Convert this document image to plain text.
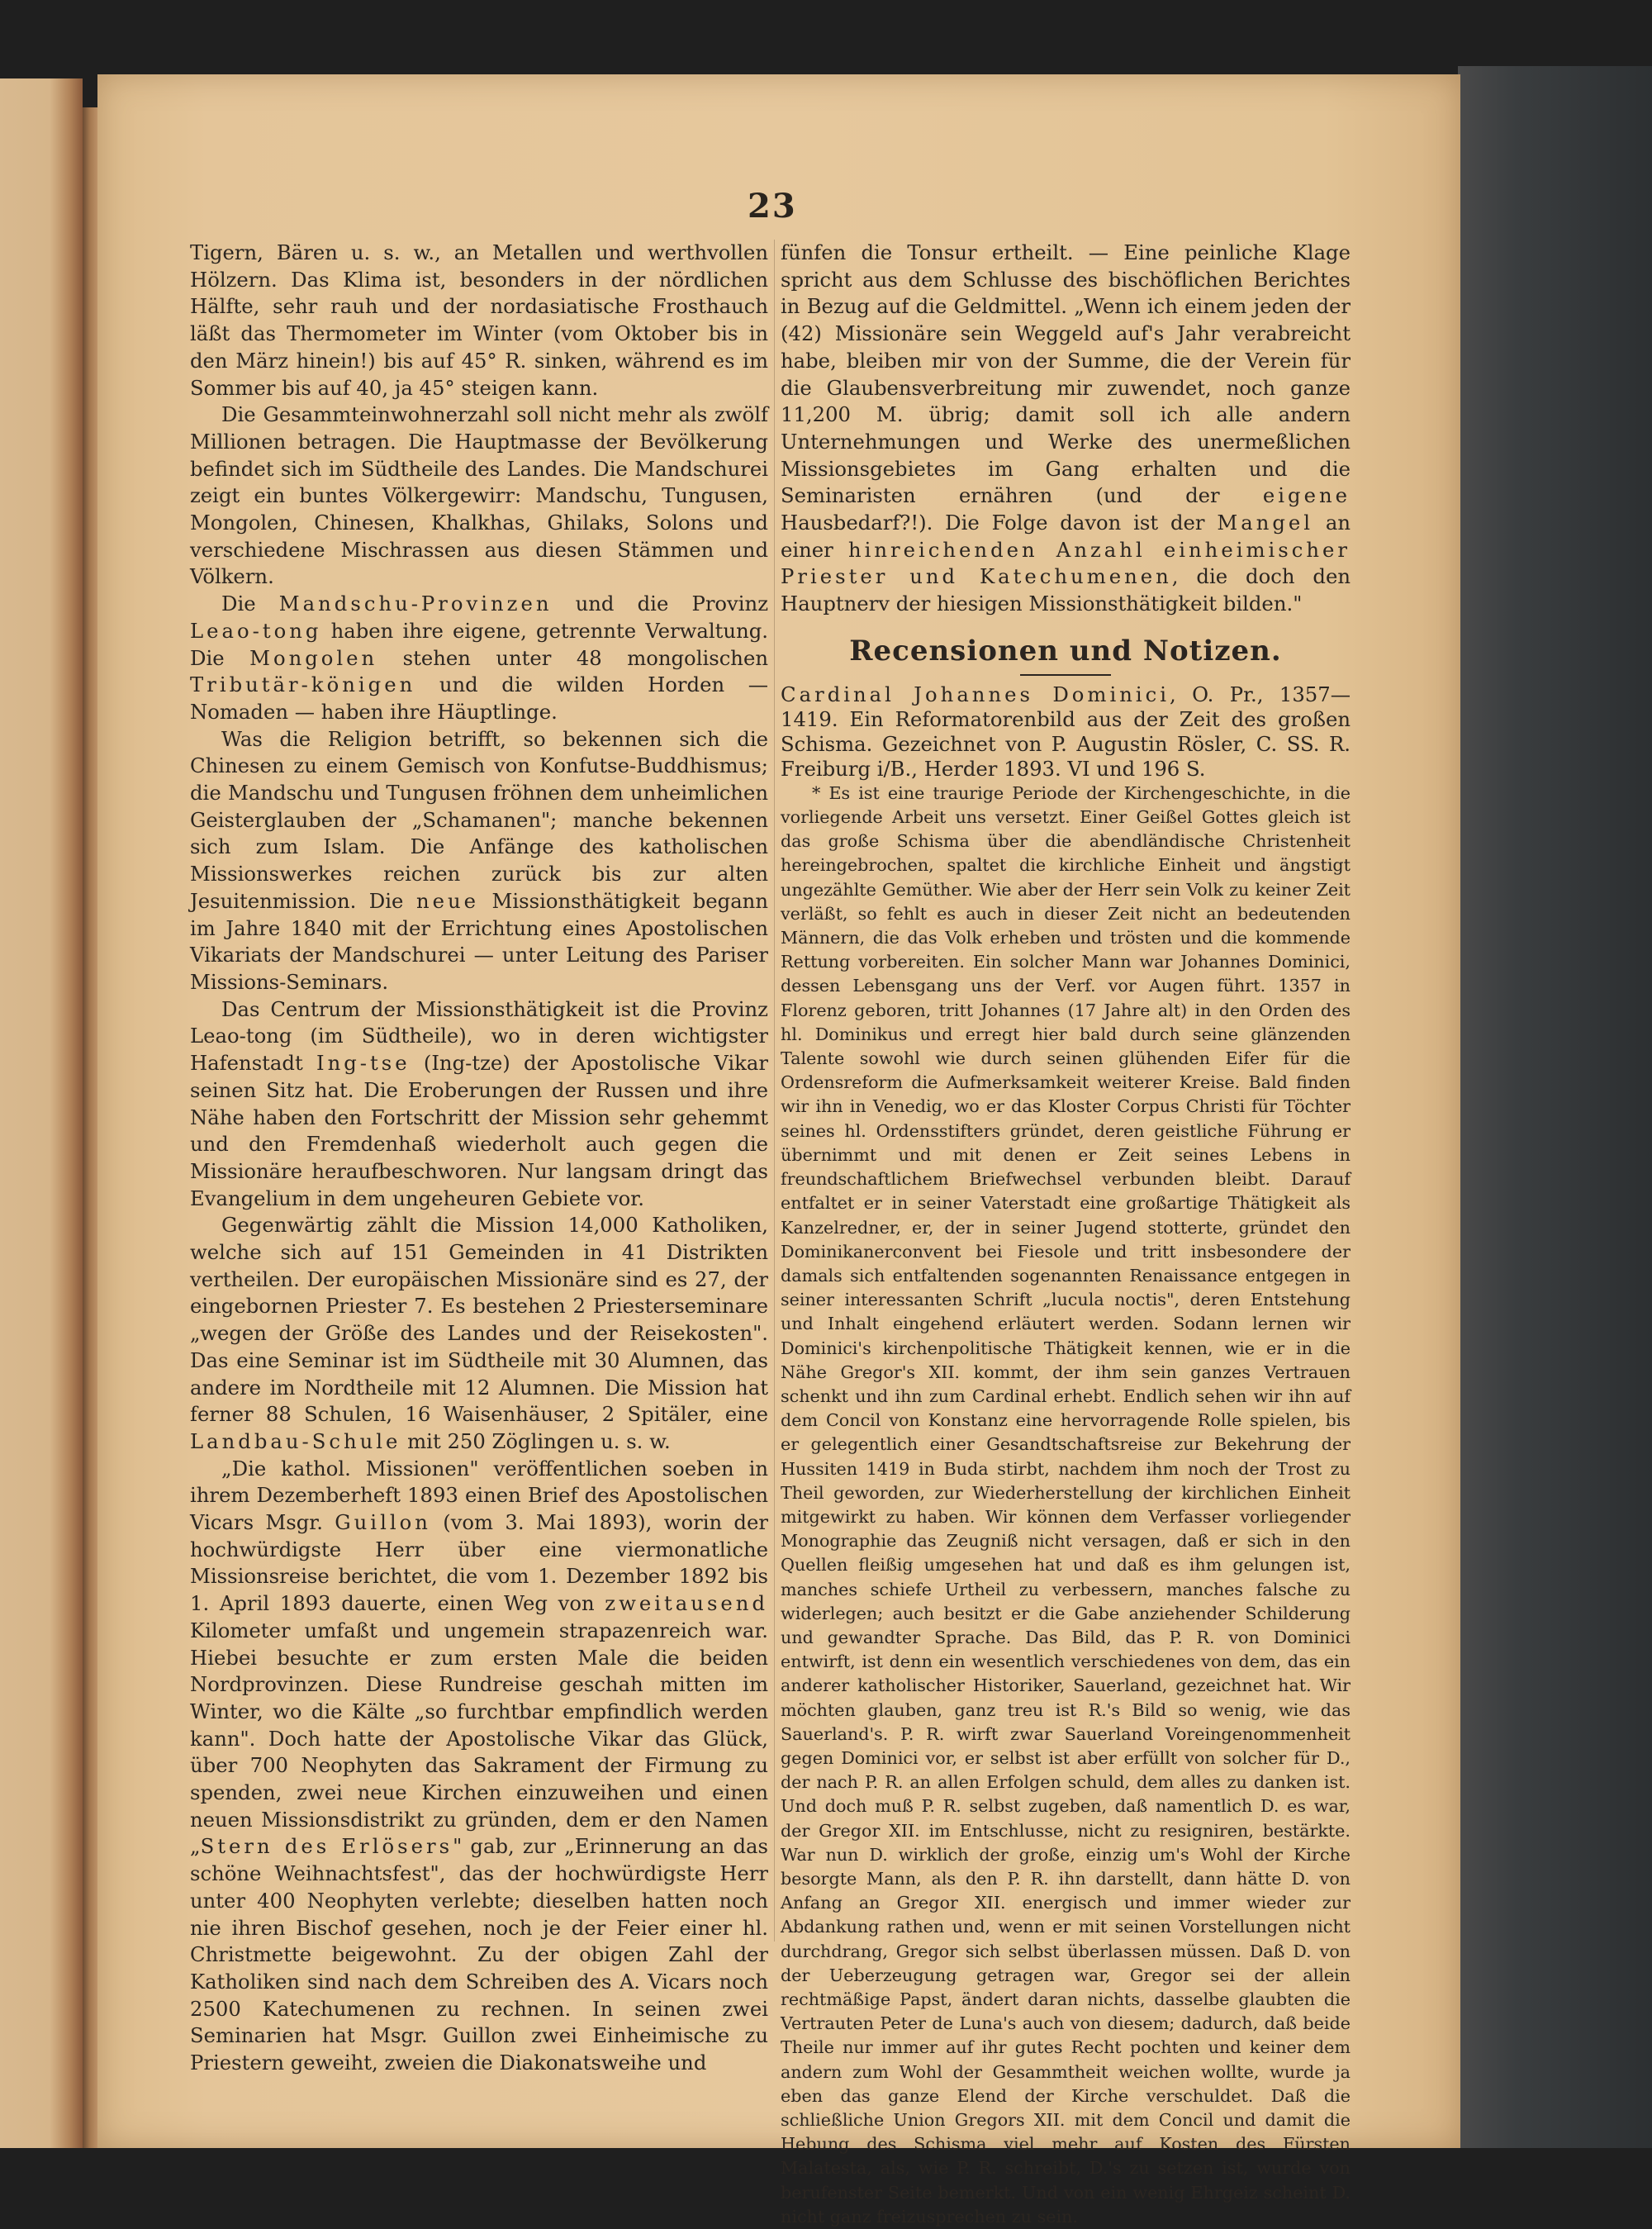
23

Tigern, Bären u. s. w., an Metallen und werthvollen Hölzern. Das Klima ist, besonders in der nördlichen Hälfte, sehr rauh und der nordasiatische Frosthauch läßt das Thermometer im Winter (vom Oktober bis in den März hinein!) bis auf 45° R. sinken, während es im Sommer bis auf 40, ja 45° steigen kann.

Die Gesammteinwohnerzahl soll nicht mehr als zwölf Millionen betragen. Die Hauptmasse der Bevölkerung befindet sich im Südtheile des Landes. Die Mandschurei zeigt ein buntes Völkergewirr: Mandschu, Tungusen, Mongolen, Chinesen, Khalkhas, Ghilaks, Solons und verschiedene Mischrassen aus diesen Stämmen und Völkern.

Die Mandschu-Provinzen und die Provinz Leao-tong haben ihre eigene, getrennte Verwaltung. Die Mongolen stehen unter 48 mongolischen Tributär-königen und die wilden Horden — Nomaden — haben ihre Häuptlinge.

Was die Religion betrifft, so bekennen sich die Chinesen zu einem Gemisch von Konfutse-Buddhismus; die Mandschu und Tungusen fröhnen dem unheimlichen Geisterglauben der „Schamanen"; manche bekennen sich zum Islam. Die Anfänge des katholischen Missionswerkes reichen zurück bis zur alten Jesuitenmission. Die neue Missionsthätigkeit begann im Jahre 1840 mit der Errichtung eines Apostolischen Vikariats der Mandschurei — unter Leitung des Pariser Missions-Seminars.

Das Centrum der Missionsthätigkeit ist die Provinz Leao-tong (im Südtheile), wo in deren wichtigster Hafenstadt Ing-tse (Ing-tze) der Apostolische Vikar seinen Sitz hat. Die Eroberungen der Russen und ihre Nähe haben den Fortschritt der Mission sehr gehemmt und den Fremdenhaß wiederholt auch gegen die Missionäre heraufbeschworen. Nur langsam dringt das Evangelium in dem ungeheuren Gebiete vor.

Gegenwärtig zählt die Mission 14,000 Katholiken, welche sich auf 151 Gemeinden in 41 Distrikten vertheilen. Der europäischen Missionäre sind es 27, der eingebornen Priester 7. Es bestehen 2 Priesterseminare „wegen der Größe des Landes und der Reisekosten". Das eine Seminar ist im Südtheile mit 30 Alumnen, das andere im Nordtheile mit 12 Alumnen. Die Mission hat ferner 88 Schulen, 16 Waisenhäuser, 2 Spitäler, eine Landbau-Schule mit 250 Zöglingen u. s. w.

„Die kathol. Missionen" veröffentlichen soeben in ihrem Dezemberheft 1893 einen Brief des Apostolischen Vicars Msgr. Guillon (vom 3. Mai 1893), worin der hochwürdigste Herr über eine viermonatliche Missionsreise berichtet, die vom 1. Dezember 1892 bis 1. April 1893 dauerte, einen Weg von zweitausend Kilometer umfaßt und ungemein strapazenreich war. Hiebei besuchte er zum ersten Male die beiden Nordprovinzen. Diese Rundreise geschah mitten im Winter, wo die Kälte „so furchtbar empfindlich werden kann". Doch hatte der Apostolische Vikar das Glück, über 700 Neophyten das Sakrament der Firmung zu spenden, zwei neue Kirchen einzuweihen und einen neuen Missionsdistrikt zu gründen, dem er den Namen „Stern des Erlösers" gab, zur „Erinnerung an das schöne Weihnachtsfest", das der hochwürdigste Herr unter 400 Neophyten verlebte; dieselben hatten noch nie ihren Bischof gesehen, noch je der Feier einer hl. Christmette beigewohnt. Zu der obigen Zahl der Katholiken sind nach dem Schreiben des A. Vicars noch 2500 Katechumenen zu rechnen. In seinen zwei Seminarien hat Msgr. Guillon zwei Einheimische zu Priestern geweiht, zweien die Diakonatsweihe und

fünfen die Tonsur ertheilt. — Eine peinliche Klage spricht aus dem Schlusse des bischöflichen Berichtes in Bezug auf die Geldmittel. „Wenn ich einem jeden der (42) Missionäre sein Weggeld auf's Jahr verabreicht habe, bleiben mir von der Summe, die der Verein für die Glaubensverbreitung mir zuwendet, noch ganze 11,200 M. übrig; damit soll ich alle andern Unternehmungen und Werke des unermeßlichen Missionsgebietes im Gang erhalten und die Seminaristen ernähren (und der eigene Hausbedarf?!). Die Folge davon ist der Mangel an einer hinreichenden Anzahl einheimischer Priester und Katechumenen, die doch den Hauptnerv der hiesigen Missionsthätigkeit bilden."

Recensionen und Notizen.

Cardinal Johannes Dominici, O. Pr., 1357—1419. Ein Reformatorenbild aus der Zeit des großen Schisma. Gezeichnet von P. Augustin Rösler, C. SS. R. Freiburg i/B., Herder 1893. VI und 196 S.

* Es ist eine traurige Periode der Kirchengeschichte, in die vorliegende Arbeit uns versetzt. Einer Geißel Gottes gleich ist das große Schisma über die abendländische Christenheit hereingebrochen, spaltet die kirchliche Einheit und ängstigt ungezählte Gemüther. Wie aber der Herr sein Volk zu keiner Zeit verläßt, so fehlt es auch in dieser Zeit nicht an bedeutenden Männern, die das Volk erheben und trösten und die kommende Rettung vorbereiten. Ein solcher Mann war Johannes Dominici, dessen Lebensgang uns der Verf. vor Augen führt. 1357 in Florenz geboren, tritt Johannes (17 Jahre alt) in den Orden des hl. Dominikus und erregt hier bald durch seine glänzenden Talente sowohl wie durch seinen glühenden Eifer für die Ordensreform die Aufmerksamkeit weiterer Kreise. Bald finden wir ihn in Venedig, wo er das Kloster Corpus Christi für Töchter seines hl. Ordensstifters gründet, deren geistliche Führung er übernimmt und mit denen er Zeit seines Lebens in freundschaftlichem Briefwechsel verbunden bleibt. Darauf entfaltet er in seiner Vaterstadt eine großartige Thätigkeit als Kanzelredner, er, der in seiner Jugend stotterte, gründet den Dominikanerconvent bei Fiesole und tritt insbesondere der damals sich entfaltenden sogenannten Renaissance entgegen in seiner interessanten Schrift „lucula noctis", deren Entstehung und Inhalt eingehend erläutert werden. Sodann lernen wir Dominici's kirchenpolitische Thätigkeit kennen, wie er in die Nähe Gregor's XII. kommt, der ihm sein ganzes Vertrauen schenkt und ihn zum Cardinal erhebt. Endlich sehen wir ihn auf dem Concil von Konstanz eine hervorragende Rolle spielen, bis er gelegentlich einer Gesandtschaftsreise zur Bekehrung der Hussiten 1419 in Buda stirbt, nachdem ihm noch der Trost zu Theil geworden, zur Wiederherstellung der kirchlichen Einheit mitgewirkt zu haben. Wir können dem Verfasser vorliegender Monographie das Zeugniß nicht versagen, daß er sich in den Quellen fleißig umgesehen hat und daß es ihm gelungen ist, manches schiefe Urtheil zu verbessern, manches falsche zu widerlegen; auch besitzt er die Gabe anziehender Schilderung und gewandter Sprache. Das Bild, das P. R. von Dominici entwirft, ist denn ein wesentlich verschiedenes von dem, das ein anderer katholischer Historiker, Sauerland, gezeichnet hat. Wir möchten glauben, ganz treu ist R.'s Bild so wenig, wie das Sauerland's. P. R. wirft zwar Sauerland Voreingenommenheit gegen Dominici vor, er selbst ist aber erfüllt von solcher für D., der nach P. R. an allen Erfolgen schuld, dem alles zu danken ist. Und doch muß P. R. selbst zugeben, daß namentlich D. es war, der Gregor XII. im Entschlusse, nicht zu resigniren, bestärkte. War nun D. wirklich der große, einzig um's Wohl der Kirche besorgte Mann, als den P. R. ihn darstellt, dann hätte D. von Anfang an Gregor XII. energisch und immer wieder zur Abdankung rathen und, wenn er mit seinen Vorstellungen nicht durchdrang, Gregor sich selbst überlassen müssen. Daß D. von der Ueberzeugung getragen war, Gregor sei der allein rechtmäßige Papst, ändert daran nichts, dasselbe glaubten die Vertrauten Peter de Luna's auch von diesem; dadurch, daß beide Theile nur immer auf ihr gutes Recht pochten und keiner dem andern zum Wohl der Gesammtheit weichen wollte, wurde ja eben das ganze Elend der Kirche verschuldet. Daß die schließliche Union Gregors XII. mit dem Concil und damit die Hebung des Schisma viel mehr auf Kosten des Fürsten Malatesta, als, wie P. R. schreibt, D.'s zu setzen ist, wurde von berufenster Seite bemerkt. Und von ein wenig Ehrgeiz scheint D. nicht ganz freizusprechen zu sein.
